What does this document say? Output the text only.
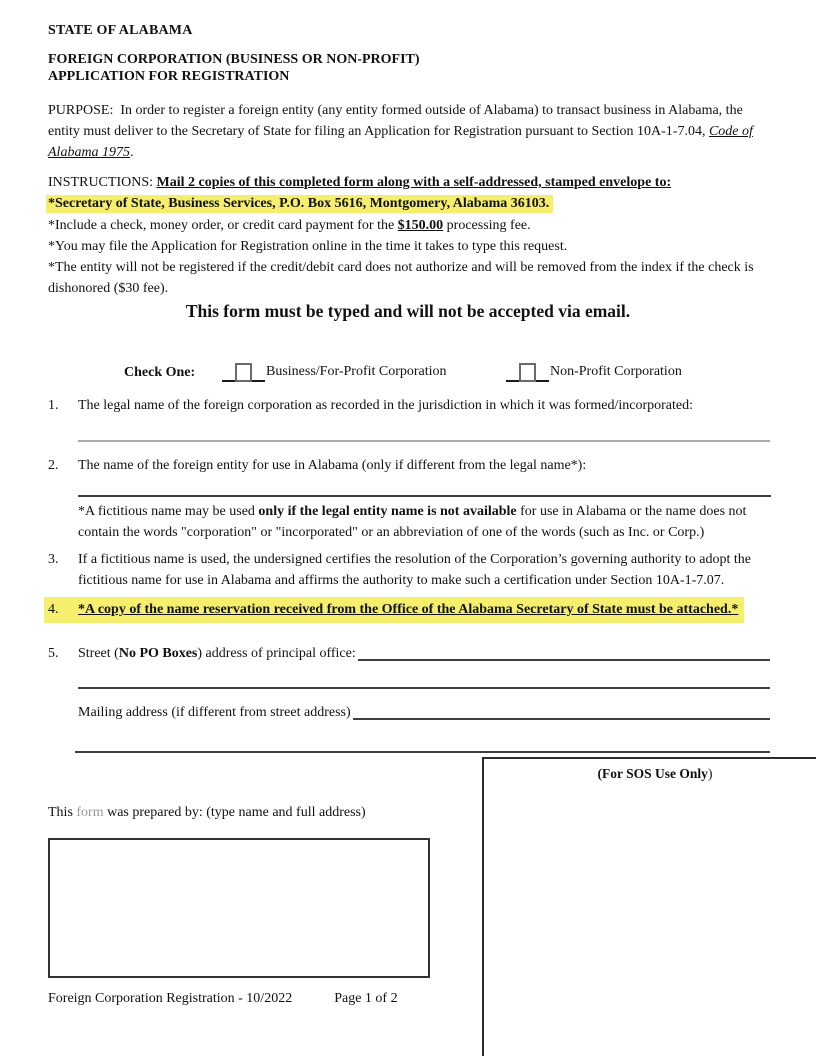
STATE OF ALABAMA
FOREIGN CORPORATION (BUSINESS OR NON-PROFIT)
APPLICATION FOR REGISTRATION
PURPOSE:  In order to register a foreign entity (any entity formed outside of Alabama) to transact business in Alabama, the entity must deliver to the Secretary of State for filing an Application for Registration pursuant to Section 10A-1-7.04, Code of Alabama 1975.
INSTRUCTIONS: Mail 2 copies of this completed form along with a self-addressed, stamped envelope to:
*Secretary of State, Business Services, P.O. Box 5616, Montgomery, Alabama 36103.
*Include a check, money order, or credit card payment for the $150.00 processing fee.
*You may file the Application for Registration online in the time it takes to type this request.
*The entity will not be registered if the credit/debit card does not authorize and will be removed from the index if the check is dishonored ($30 fee).
This form must be typed and will not be accepted via email.
Check One:	Business/For-Profit Corporation	Non-Profit Corporation
1. The legal name of the foreign corporation as recorded in the jurisdiction in which it was formed/incorporated:
2. The name of the foreign entity for use in Alabama (only if different from the legal name*):
*A fictitious name may be used only if the legal entity name is not available for use in Alabama or the name does not contain the words "corporation" or "incorporated" or an abbreviation of one of the words (such as Inc. or Corp.)
3. If a fictitious name is used, the undersigned certifies the resolution of the Corporation’s governing authority to adopt the fictitious name for use in Alabama and affirms the authority to make such a certification under Section 10A-1-7.07.
4.	*A copy of the name reservation received from the Office of the Alabama Secretary of State must be attached.*
5. Street (No PO Boxes) address of principal office:
Mailing address (if different from street address)
(For SOS Use Only)
This form was prepared by: (type name and full address)
Foreign Corporation Registration - 10/2022	Page 1 of 2
